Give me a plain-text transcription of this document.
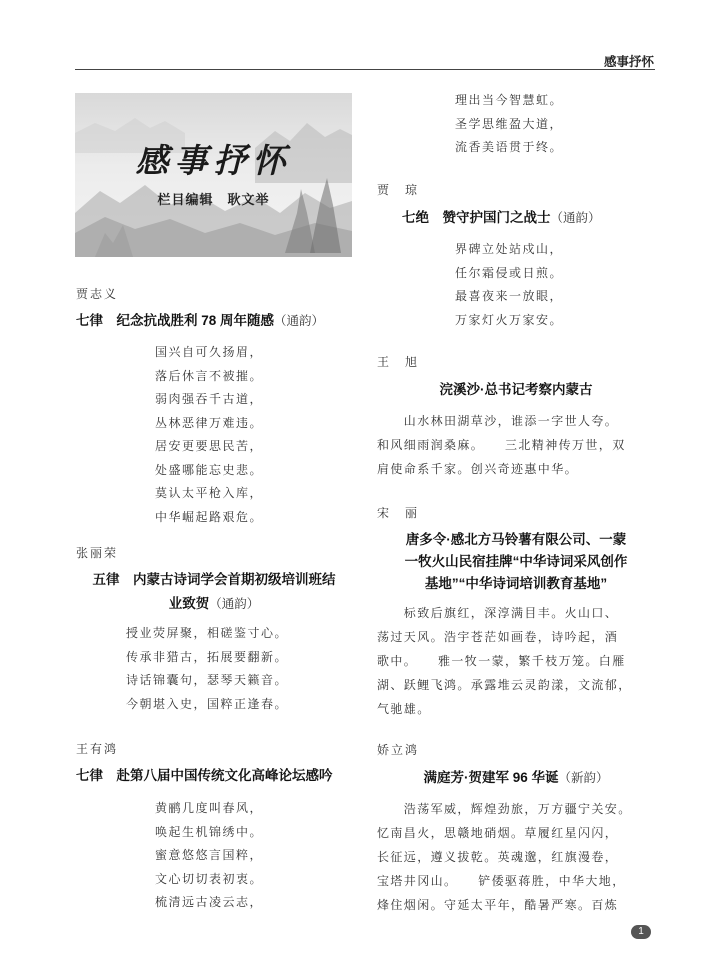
感事抒怀
感事抒怀
栏目编辑 耿文举
贾志义
七律　纪念抗战胜利 78 周年随感（通韵）
国兴自可久扬眉，
落后休言不被摧。
弱肉强吞千古道，
丛林恶律万难违。
居安更要思民苦，
处盛哪能忘史悲。
莫认太平枪入库，
中华崛起路艰危。
张丽荣
五律　内蒙古诗词学会首期初级培训班结
业致贺（通韵）
授业荧屏聚，相磋鉴寸心。
传承非猎古，拓展要翻新。
诗话锦囊句，瑟琴天籁音。
今朝堪入史，国粹正逢春。
王有鸿
七律　赴第八届中国传统文化高峰论坛感吟
黄鹂几度叫春风，
唤起生机锦绣中。
蜜意悠悠言国粹，
文心切切表初衷。
梳清远古凌云志，
理出当今智慧虹。
圣学思维盈大道，
流香美语贯于终。
贾　琼
七绝　赞守护国门之战士（通韵）
界碑立处站戍山，
任尔霜侵或日煎。
最喜夜来一放眼，
万家灯火万家安。
王　旭
浣溪沙·总书记考察内蒙古
　　山水林田湖草沙，谁添一字世人夸。
和风细雨润桑麻。　　三北精神传万世，双
肩使命系千家。创兴奇迹惠中华。
宋　丽
唐多令·感北方马铃薯有限公司、一蒙
一牧火山民宿挂牌“中华诗词采风创作
基地”“中华诗词培训教育基地”
　　标致后旗红，深淳满目丰。火山口、
荡过天风。浩宇苍茫如画卷，诗吟起，酒
歌中。　　雅一牧一蒙，繁千枝万笼。白雁
湖、跃鲤飞鸿。承露堆云灵韵漾，文流郁，
气驰雄。
娇立鸿
满庭芳·贺建军 96 华诞（新韵）
　　浩荡军威，辉煌劲旅，万方疆宁关安。
忆南昌火，思赣地硝烟。草履红星闪闪，
长征远，遵义拔乾。英魂邈，红旗漫卷，
宝塔井冈山。　　铲倭驱蒋胜，中华大地，
烽住烟闲。守延太平年，酷暑严寒。百炼
1
